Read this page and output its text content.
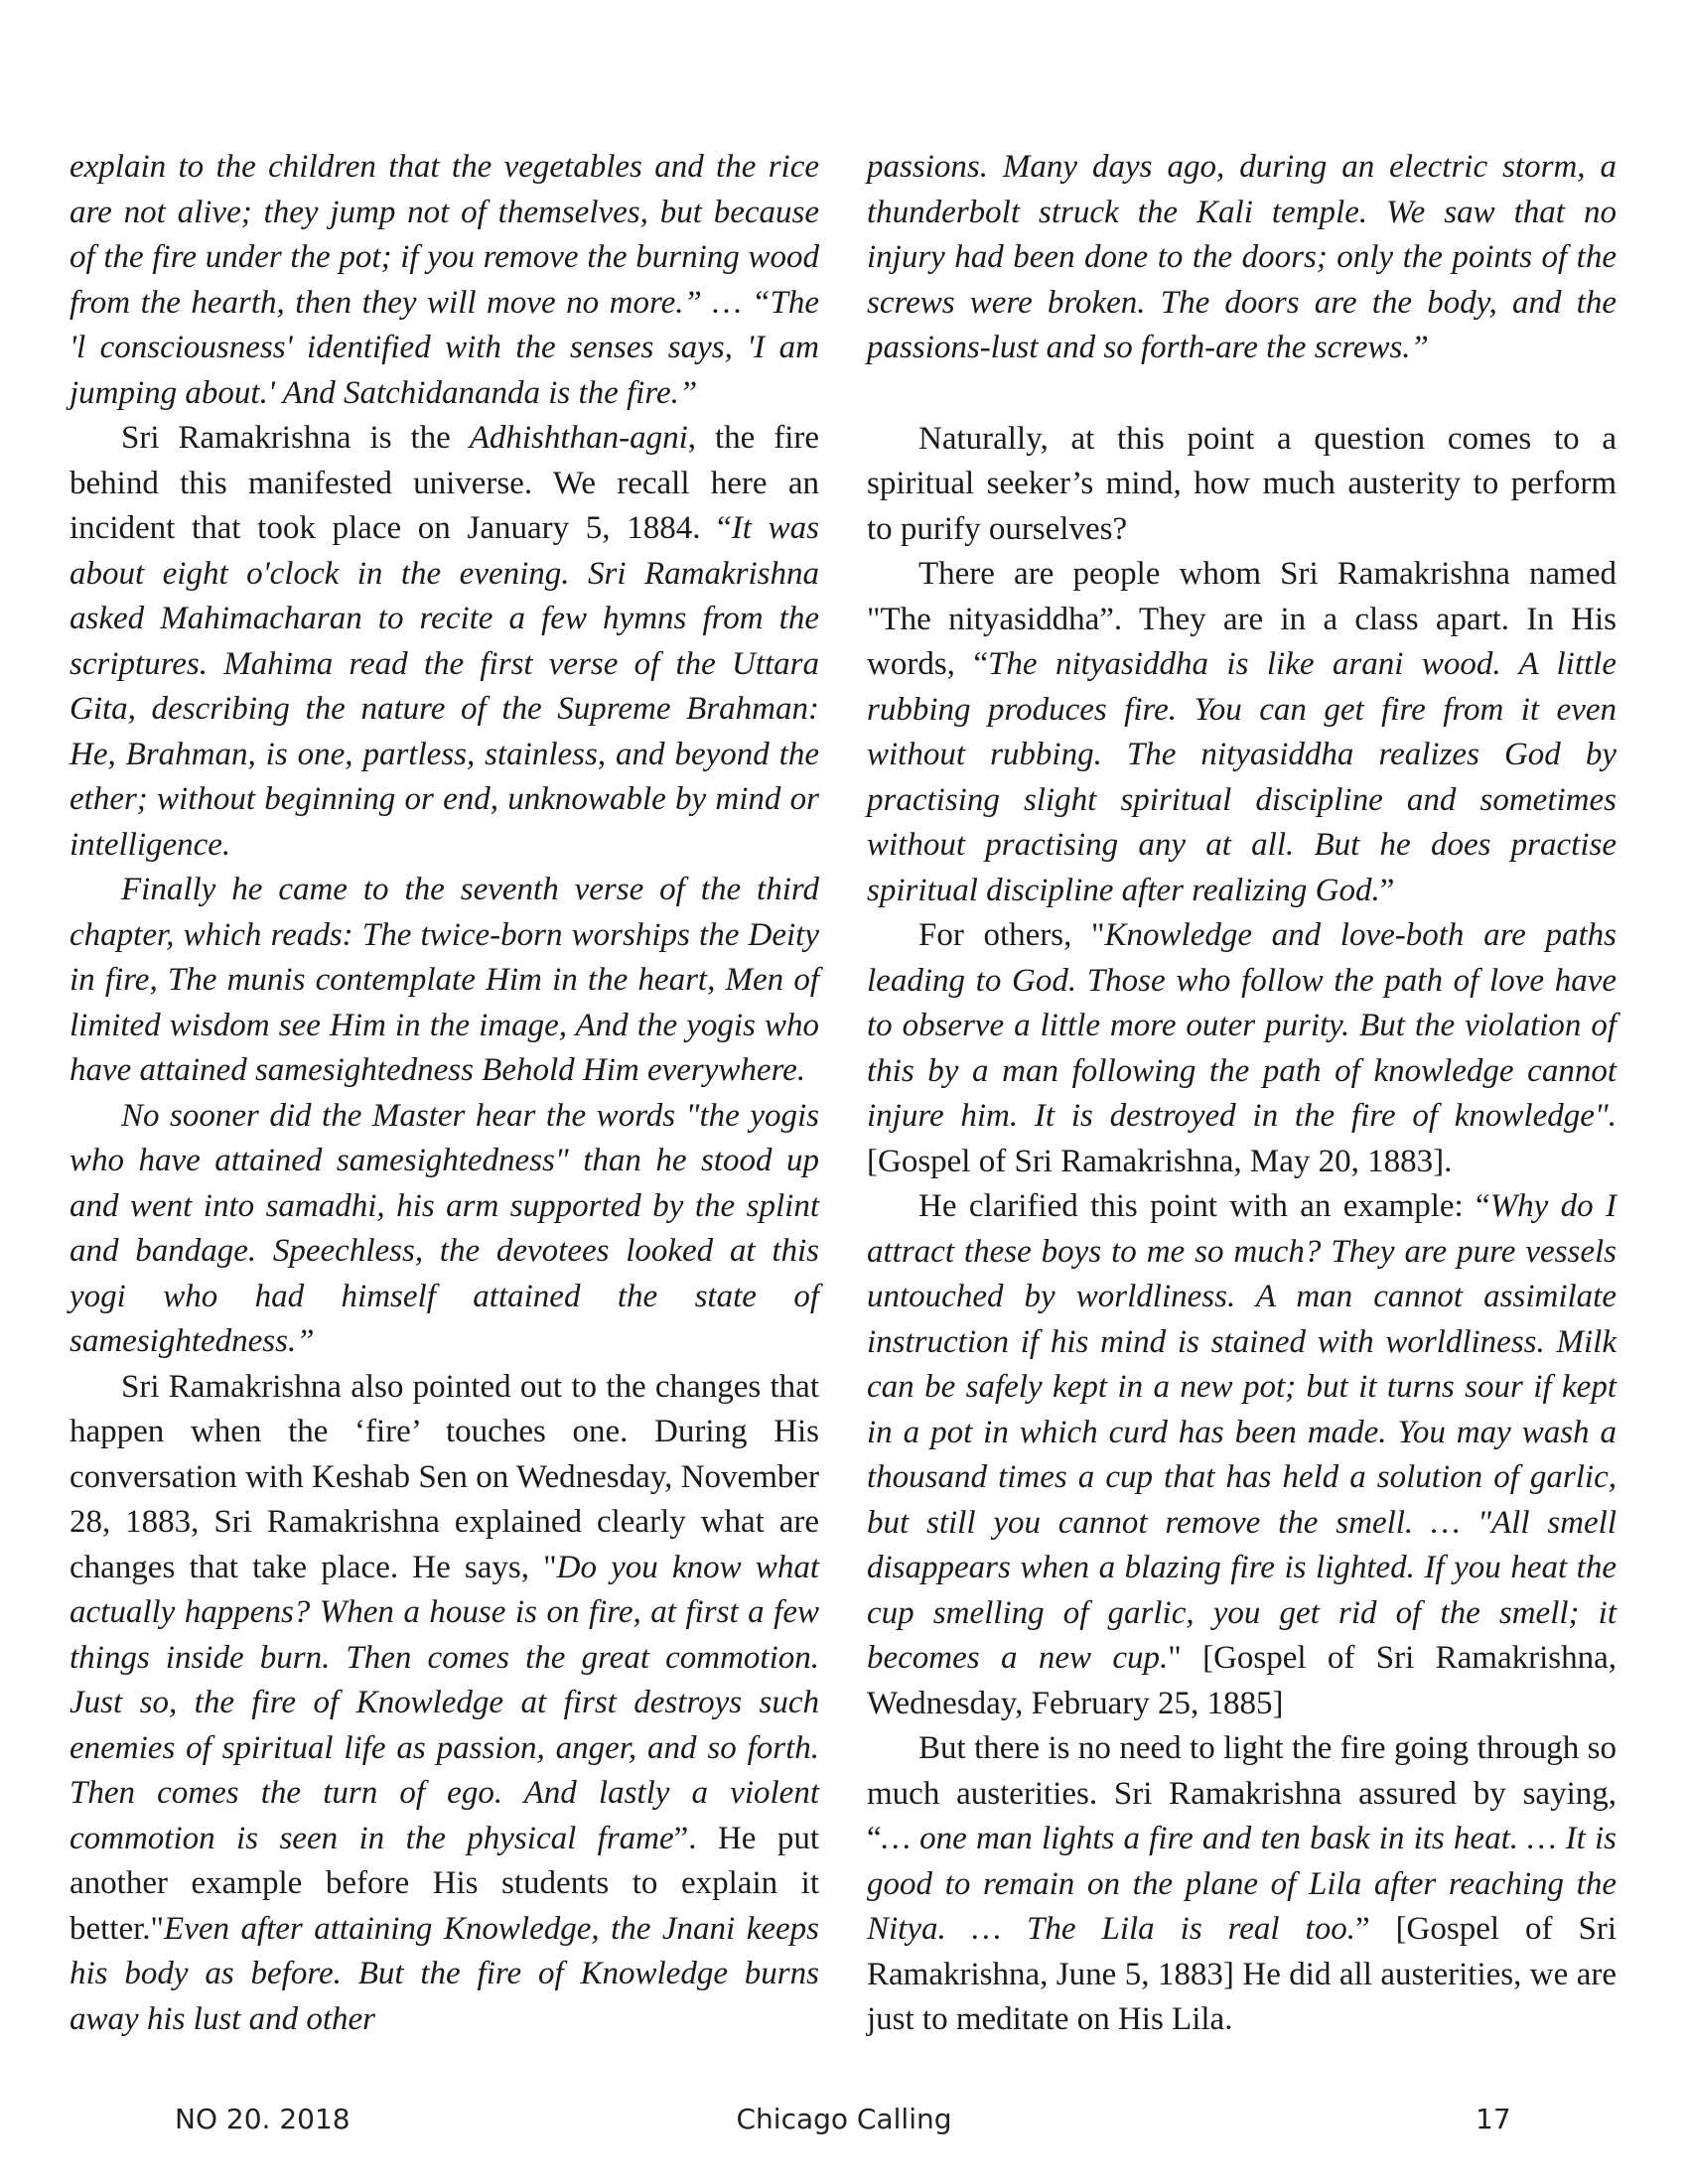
explain to the children that the vegetables and the rice are not alive; they jump not of themselves, but because of the fire under the pot; if you remove the burning wood from the hearth, then they will move no more.” … “The 'l consciousness' identified with the senses says, 'I am jumping about.' And Satchidananda is the fire.”

Sri Ramakrishna is the Adhishthan-agni, the fire behind this manifested universe. We recall here an incident that took place on January 5, 1884. “It was about eight o'clock in the evening. Sri Ramakrishna asked Mahimacharan to recite a few hymns from the scriptures. Mahima read the first verse of the Uttara Gita, describing the nature of the Supreme Brahman: He, Brahman, is one, partless, stainless, and beyond the ether; without beginning or end, unknowable by mind or intelligence.

Finally he came to the seventh verse of the third chapter, which reads: The twice-born worships the Deity in fire, The munis contemplate Him in the heart, Men of limited wisdom see Him in the image, And the yogis who have attained samesightedness Behold Him everywhere.

No sooner did the Master hear the words "the yogis who have attained samesightedness" than he stood up and went into samadhi, his arm supported by the splint and bandage. Speechless, the devotees looked at this yogi who had himself attained the state of samesightedness.”

Sri Ramakrishna also pointed out to the changes that happen when the ‘fire’ touches one. During His conversation with Keshab Sen on Wednesday, November 28, 1883, Sri Ramakrishna explained clearly what are changes that take place. He says, "Do you know what actually happens? When a house is on fire, at first a few things inside burn. Then comes the great commotion. Just so, the fire of Knowledge at first destroys such enemies of spiritual life as passion, anger, and so forth. Then comes the turn of ego. And lastly a violent commotion is seen in the physical frame”. He put another example before His students to explain it better."Even after attaining Knowledge, the Jnani keeps his body as before. But the fire of Knowledge burns away his lust and other

passions. Many days ago, during an electric storm, a thunderbolt struck the Kali temple. We saw that no injury had been done to the doors; only the points of the screws were broken. The doors are the body, and the passions-lust and so forth-are the screws.”

Naturally, at this point a question comes to a spiritual seeker’s mind, how much austerity to perform to purify ourselves?

There are people whom Sri Ramakrishna named "The nityasiddha”. They are in a class apart. In His words, “The nityasiddha is like arani wood. A little rubbing produces fire. You can get fire from it even without rubbing. The nityasiddha realizes God by practising slight spiritual discipline and sometimes without practising any at all. But he does practise spiritual discipline after realizing God.”

For others, "Knowledge and love-both are paths leading to God. Those who follow the path of love have to observe a little more outer purity. But the violation of this by a man following the path of knowledge cannot injure him. It is destroyed in the fire of knowledge". [Gospel of Sri Ramakrishna, May 20, 1883].

He clarified this point with an example: “Why do I attract these boys to me so much? They are pure vessels untouched by worldliness. A man cannot assimilate instruction if his mind is stained with worldliness. Milk can be safely kept in a new pot; but it turns sour if kept in a pot in which curd has been made. You may wash a thousand times a cup that has held a solution of garlic, but still you cannot remove the smell. … "All smell disappears when a blazing fire is lighted. If you heat the cup smelling of garlic, you get rid of the smell; it becomes a new cup." [Gospel of Sri Ramakrishna, Wednesday, February 25, 1885]

But there is no need to light the fire going through so much austerities. Sri Ramakrishna assured by saying, “… one man lights a fire and ten bask in its heat. … It is good to remain on the plane of Lila after reaching the Nitya. … The Lila is real too.” [Gospel of Sri Ramakrishna, June 5, 1883] He did all austerities, we are just to meditate on His Lila.

NO 20. 2018	Chicago Calling	17
